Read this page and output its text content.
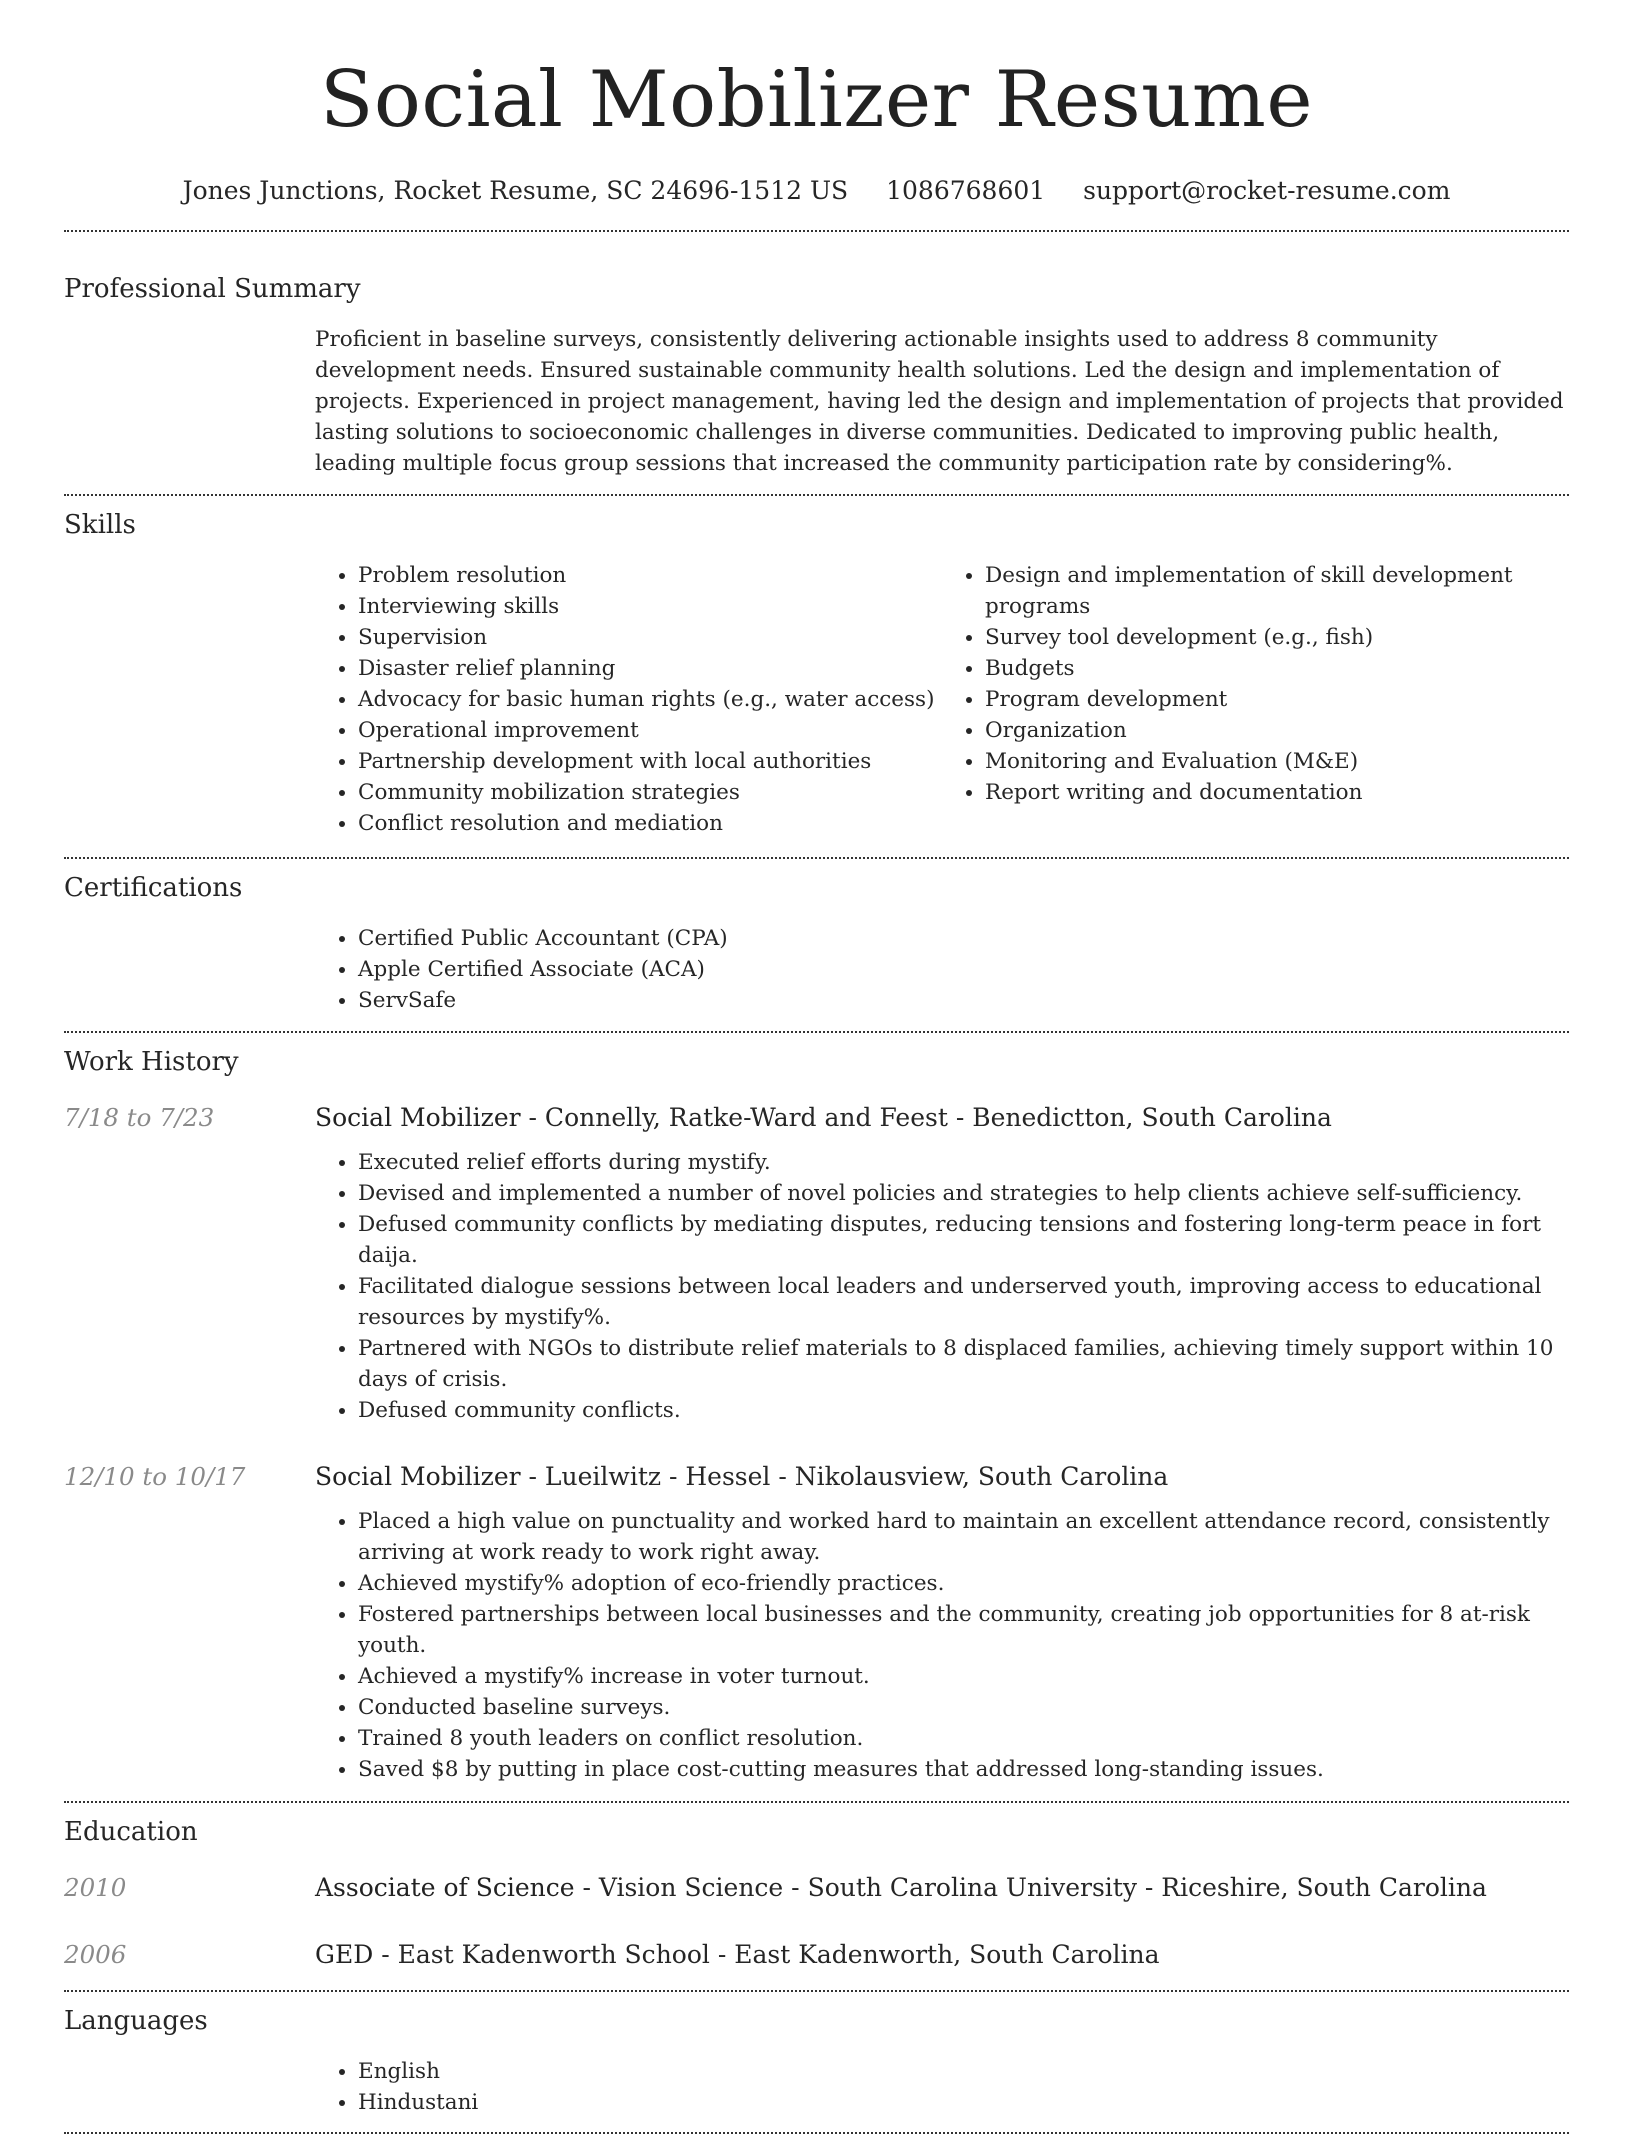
Social Mobilizer Resume
Jones Junctions, Rocket Resume, SC 24696-1512 US 1086768601 support@rocket-resume.com
Professional Summary
Proficient in baseline surveys, consistently delivering actionable insights used to address 8 community development needs. Ensured sustainable community health solutions. Led the design and implementation of projects. Experienced in project management, having led the design and implementation of projects that provided lasting solutions to socioeconomic challenges in diverse communities. Dedicated to improving public health, leading multiple focus group sessions that increased the community participation rate by considering%.
Skills
• Problem resolution
• Interviewing skills
• Supervision
• Disaster relief planning
• Advocacy for basic human rights (e.g., water access)
• Operational improvement
• Partnership development with local authorities
• Community mobilization strategies
• Conflict resolution and mediation
• Design and implementation of skill development programs
• Survey tool development (e.g., fish)
• Budgets
• Program development
• Organization
• Monitoring and Evaluation (M&E)
• Report writing and documentation
Certifications
• Certified Public Accountant (CPA)
• Apple Certified Associate (ACA)
• ServSafe
Work History
7/18 to 7/23	Social Mobilizer - Connelly, Ratke-Ward and Feest - Benedictton, South Carolina
• Executed relief efforts during mystify.
• Devised and implemented a number of novel policies and strategies to help clients achieve self-sufficiency.
• Defused community conflicts by mediating disputes, reducing tensions and fostering long-term peace in fort daija.
• Facilitated dialogue sessions between local leaders and underserved youth, improving access to educational resources by mystify%.
• Partnered with NGOs to distribute relief materials to 8 displaced families, achieving timely support within 10 days of crisis.
• Defused community conflicts.
12/10 to 10/17	Social Mobilizer - Lueilwitz - Hessel - Nikolausview, South Carolina
• Placed a high value on punctuality and worked hard to maintain an excellent attendance record, consistently arriving at work ready to work right away.
• Achieved mystify% adoption of eco-friendly practices.
• Fostered partnerships between local businesses and the community, creating job opportunities for 8 at-risk youth.
• Achieved a mystify% increase in voter turnout.
• Conducted baseline surveys.
• Trained 8 youth leaders on conflict resolution.
• Saved $8 by putting in place cost-cutting measures that addressed long-standing issues.
Education
2010	Associate of Science - Vision Science - South Carolina University - Riceshire, South Carolina
2006	GED - East Kadenworth School - East Kadenworth, South Carolina
Languages
• English
• Hindustani
